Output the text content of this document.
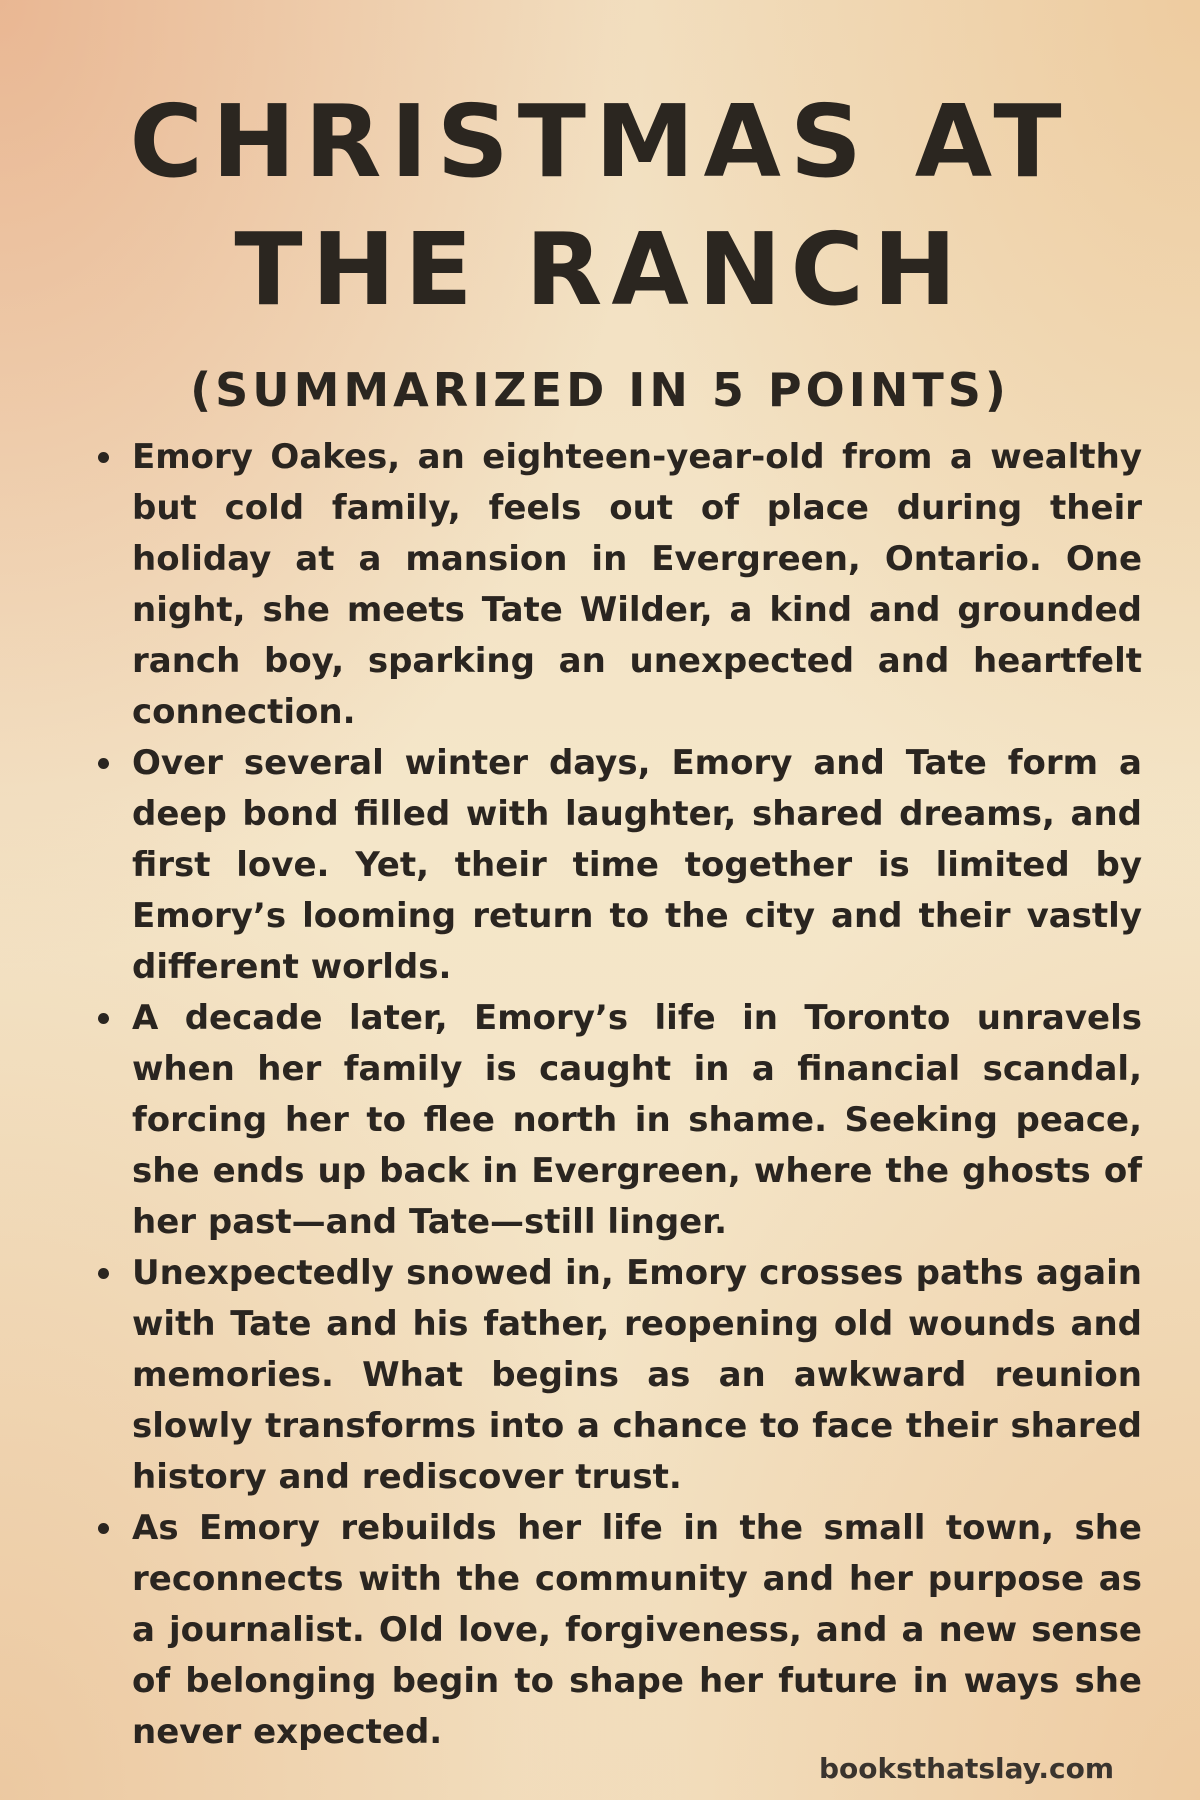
CHRISTMAS AT
THE RANCH
(SUMMARIZED IN 5 POINTS)
Emory Oakes, an eighteen-year-old from a wealthy but cold family, feels out of place during their holiday at a mansion in Evergreen, Ontario. One night, she meets Tate Wilder, a kind and grounded ranch boy, sparking an unexpected and heartfelt connection.
Over several winter days, Emory and Tate form a deep bond filled with laughter, shared dreams, and first love. Yet, their time together is limited by Emory’s looming return to the city and their vastly different worlds.
A decade later, Emory’s life in Toronto unravels when her family is caught in a financial scandal, forcing her to flee north in shame. Seeking peace, she ends up back in Evergreen, where the ghosts of her past—and Tate—still linger.
Unexpectedly snowed in, Emory crosses paths again with Tate and his father, reopening old wounds and memories. What begins as an awkward reunion slowly transforms into a chance to face their shared history and rediscover trust.
As Emory rebuilds her life in the small town, she reconnects with the community and her purpose as a journalist. Old love, forgiveness, and a new sense of belonging begin to shape her future in ways she never expected.
booksthatslay.com
